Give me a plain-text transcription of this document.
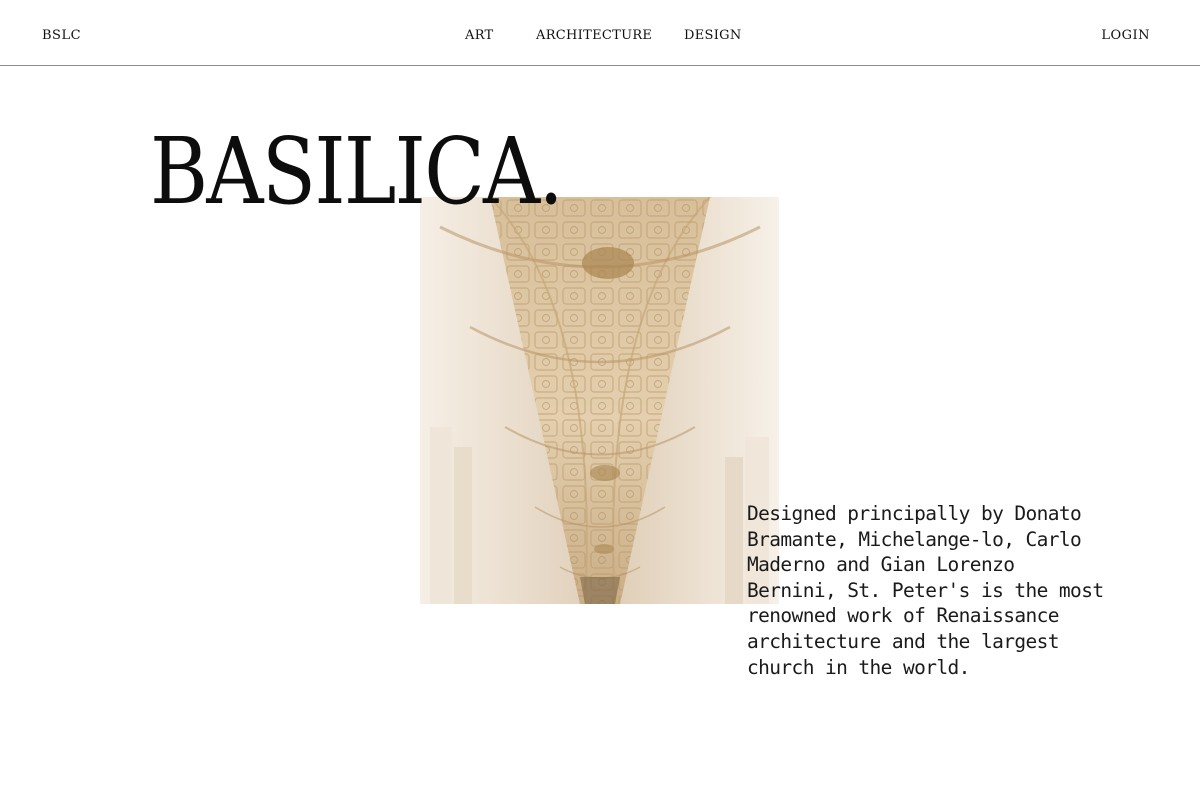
BSLC	ART	ARCHITECTURE DESIGN	LOGIN
BASILICA.

Designed principally by Donato Bramante, Michelange-lo, Carlo Maderno and Gian Lorenzo Bernini, St. Peter's is the most renowned work of Renaissance architecture and the largest church in the world.
